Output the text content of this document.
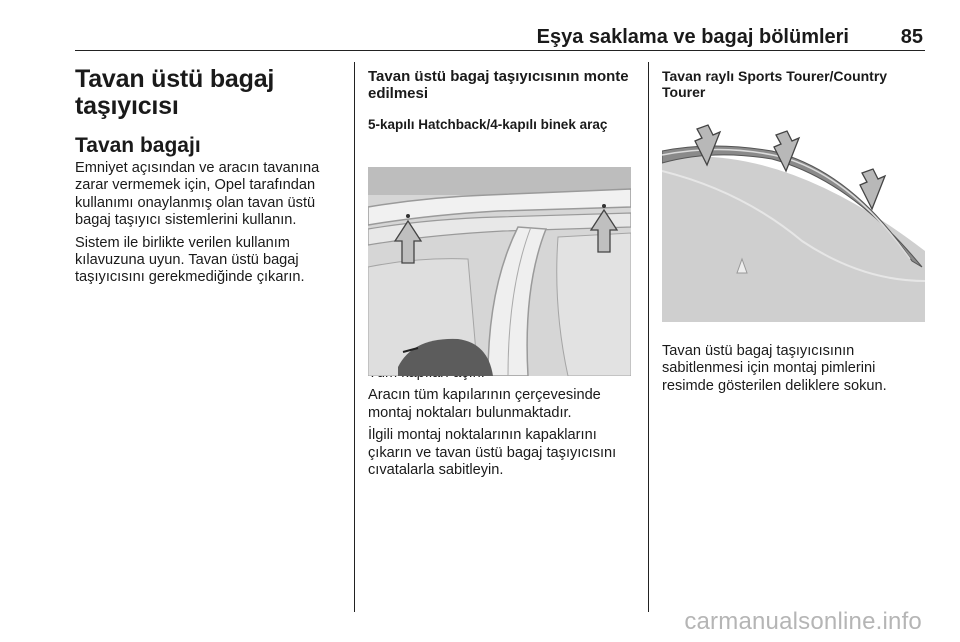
Eşya saklama ve bagaj bölümleri	85
Tavan üstü bagaj taşıyıcısı
Tavan bagajı

Emniyet açısından ve aracın tavanına zarar vermemek için, Opel tarafından kullanımı onaylanmış olan tavan üstü bagaj taşıyıcı sistemlerini kullanın.

Sistem ile birlikte verilen kullanım kılavuzuna uyun. Tavan üstü bagaj taşıyıcısını gerekmediğinde çıkarın.

Tavan üstü bagaj taşıyıcısının monte edilmesi
5-kapılı Hatchback/4-kapılı binek araç

Aracın tüm kapılarının çerçevesinde montaj noktaları bulunmaktadır.

İlgili montaj noktalarının kapaklarını çıkarın ve tavan üstü bagaj taşıyıcısını cıvatalarla sabitleyin.

Tavan raylı Sports Tourer/Country Tourer

Tavan üstü bagaj taşıyıcısının sabitlenmesi için montaj pimlerini resimde gösterilen deliklere sokun.

carmanualsonline.info
